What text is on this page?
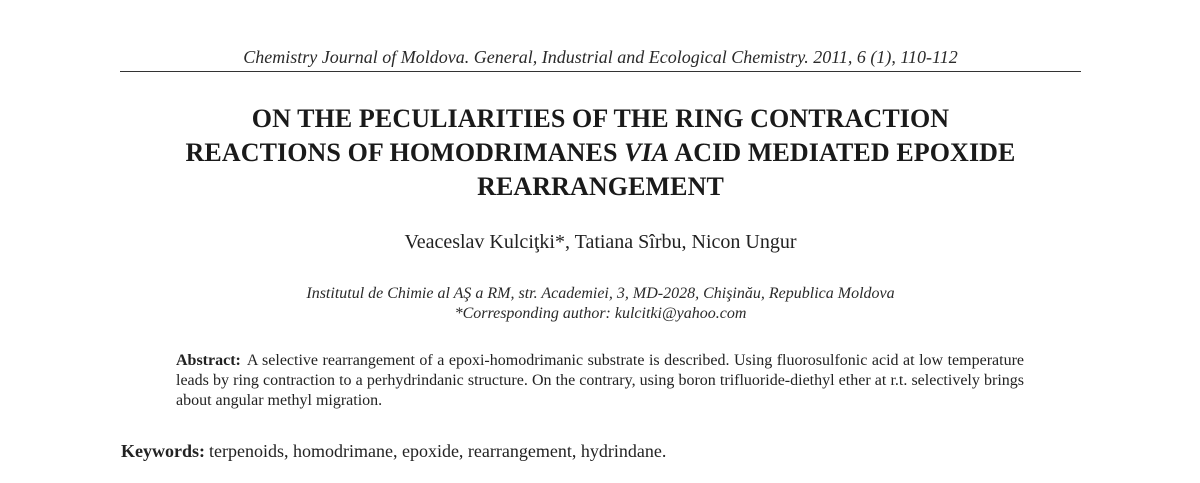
Chemistry Journal of Moldova. General, Industrial and Ecological Chemistry. 2011, 6 (1), 110-112
ON THE PECULIARITIES OF THE RING CONTRACTION
REACTIONS OF HOMODRIMANES VIA ACID MEDIATED EPOXIDE
REARRANGEMENT
Veaceslav Kulciţki*, Tatiana Sîrbu, Nicon Ungur
Institutul de Chimie al AŞ a RM, str. Academiei, 3, MD-2028, Chişinău, Republica Moldova
*Corresponding author: kulcitki@yahoo.com
Abstract: A selective rearrangement of a epoxi-homodrimanic substrate is described. Using fluorosulfonic acid at low temperature leads by ring contraction to a perhydrindanic structure. On the contrary, using boron trifluoride-diethyl ether at r.t. selectively brings about angular methyl migration.
Keywords: terpenoids, homodrimane, epoxide, rearrangement, hydrindane.
